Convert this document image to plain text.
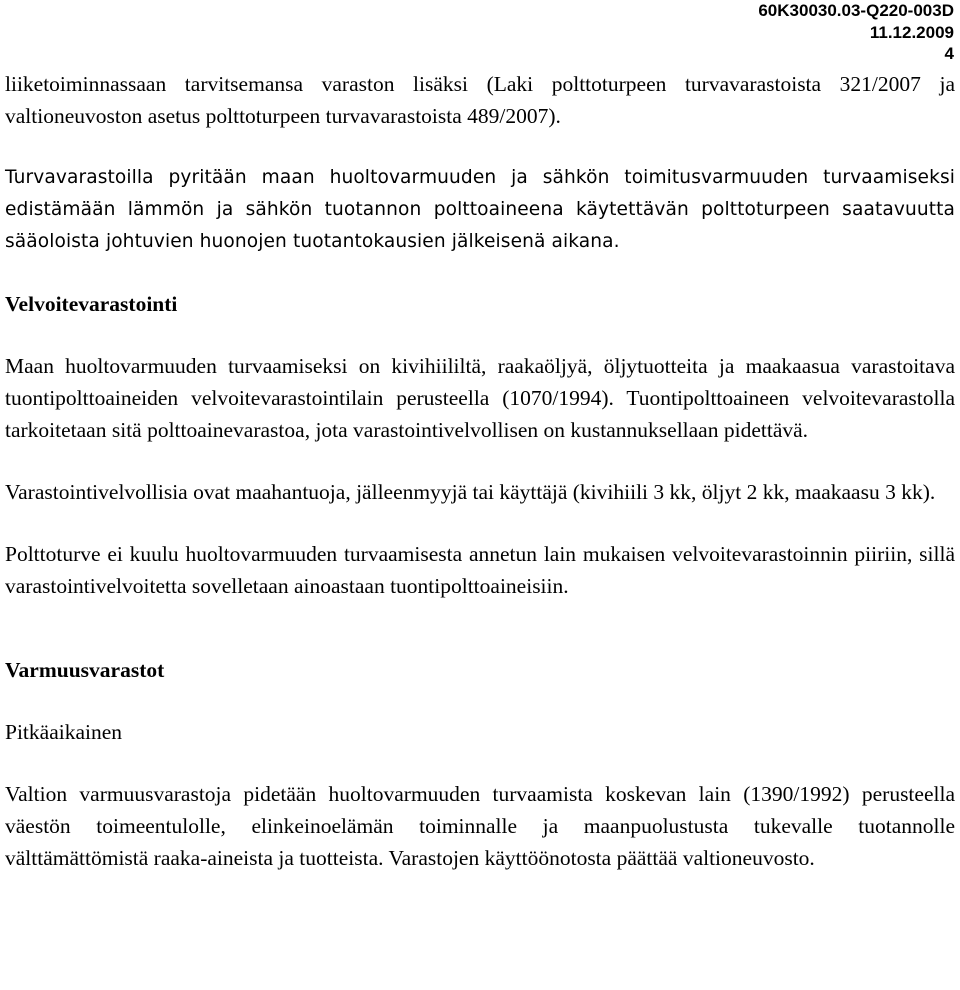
60K30030.03-Q220-003D
11.12.2009
4

liiketoiminnassaan tarvitsemansa varaston lisäksi (Laki polttoturpeen turvavarastoista 321/2007 ja valtioneuvoston asetus polttoturpeen turvavarastoista 489/2007).

Turvavarastoilla pyritään maan huoltovarmuuden ja sähkön toimitusvarmuuden turvaamiseksi edistämään lämmön ja sähkön tuotannon polttoaineena käytettävän polttoturpeen saatavuutta sääoloista johtuvien huonojen tuotantokausien jälkeisenä aikana.

Velvoitevarastointi

Maan huoltovarmuuden turvaamiseksi on kivihiililtä, raakaöljyä, öljytuotteita ja maakaasua varastoitava tuontipolttoaineiden velvoitevarastointilain perusteella (1070/1994). Tuontipolttoaineen velvoitevarastolla tarkoitetaan sitä polttoainevarastoa, jota varastointivelvollisen on kustannuksellaan pidettävä.

Varastointivelvollisia ovat maahantuoja, jälleenmyyjä tai käyttäjä (kivihiili 3 kk, öljyt 2 kk, maakaasu 3 kk).

Polttoturve ei kuulu huoltovarmuuden turvaamisesta annetun lain mukaisen velvoitevarastoinnin piiriin, sillä varastointivelvoitetta sovelletaan ainoastaan tuontipolttoaineisiin.

Varmuusvarastot

Pitkäaikainen

Valtion varmuusvarastoja pidetään huoltovarmuuden turvaamista koskevan lain (1390/1992) perusteella väestön toimeentulolle, elinkeinoelämän toiminnalle ja maanpuolustusta tukevalle tuotannolle välttämättömistä raaka-aineista ja tuotteista. Varastojen käyttöönotosta päättää valtioneuvosto.
